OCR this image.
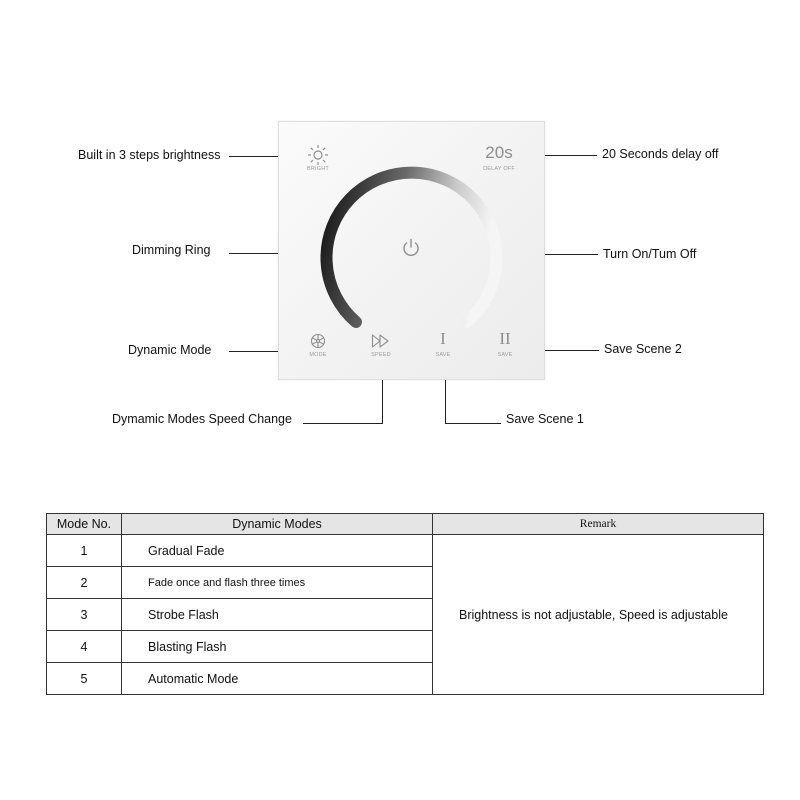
Built in 3 steps brightness	20 Seconds delay off
Dimming Ring	Turn On/Tum Off
Dynamic Mode	Save Scene 2
Dymamic Modes Speed Change	Save Scene 1
BRIGHT
20s
DELAY OFF
MODE	SPEED
I
SAVE
II
SAVE
Mode No.	Dynamic Modes	Remark
1	Gradual Fade	Brightness is not adjustable, Speed is adjustable
2	Fade once and flash three times	
3	Strobe Flash	
4	Blasting Flash	
5	Automatic Mode	
